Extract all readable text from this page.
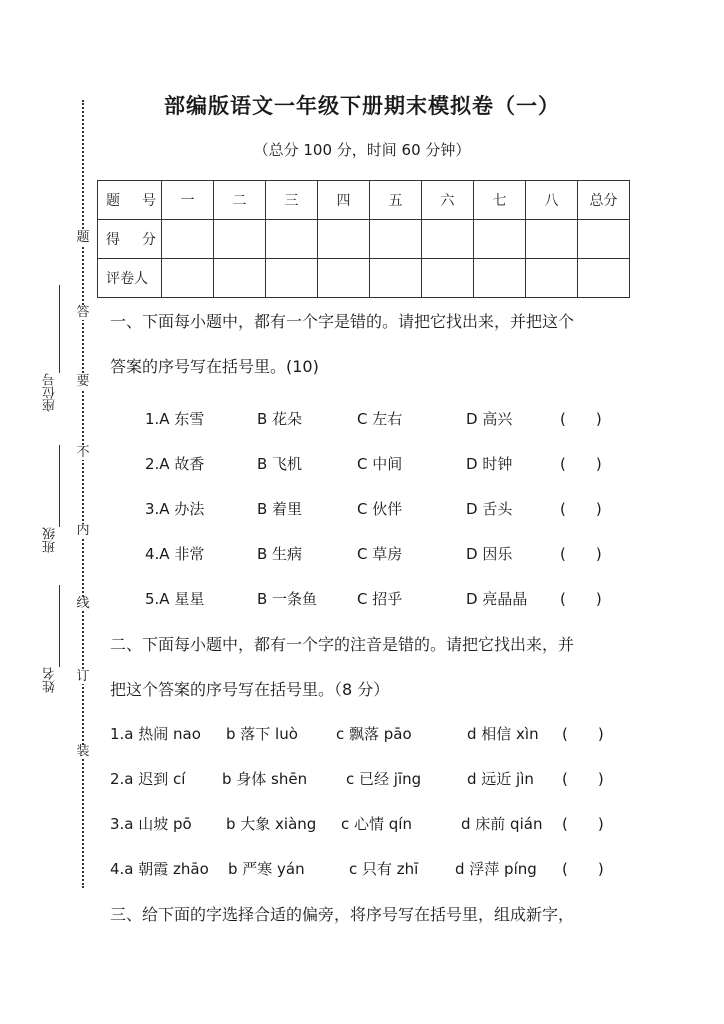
题
答
要
不
内
线
订
装
座位号
班级
姓名
部编版语文一年级下册期末模拟卷（一）
（总分 100 分，时间 60 分钟）
题　号	一	二	三	四	五	六	七	八	总分
得　分									
评卷人									
一、下面每小题中，都有一个字是错的。请把它找出来，并把这个
答案的序号写在括号里。(10)
1.A 东雪	B 花朵	C 左右	D 高兴	(　　)
2.A 故香	B 飞机	C 中间	D 时钟	(　　)
3.A 办法	B 着里	C 伙伴	D 舌头	(　　)
4.A 非常	B 生病	C 草房	D 因乐	(　　)
5.A 星星	B 一条鱼	C 招乎	D 亮晶晶 (　　)
二、下面每小题中，都有一个字的注音是错的。请把它找出来，并
把这个答案的序号写在括号里。（8 分）
1.a 热闹 nao b 落下 luò	c 飘落 pāo	d 相信 xìn (　　)
2.a 迟到 cí b 身体 shēn	c 已经 jīng	d 远近 jìn (　　)
3.a 山坡 pō b 大象 xiàng c 心情 qín	d 床前 qián (　　)
4.a 朝霞 zhāo b 严寒 yán	c 只有 zhī d 浮萍 píng (　　)
三、给下面的字选择合适的偏旁，将序号写在括号里，组成新字，
